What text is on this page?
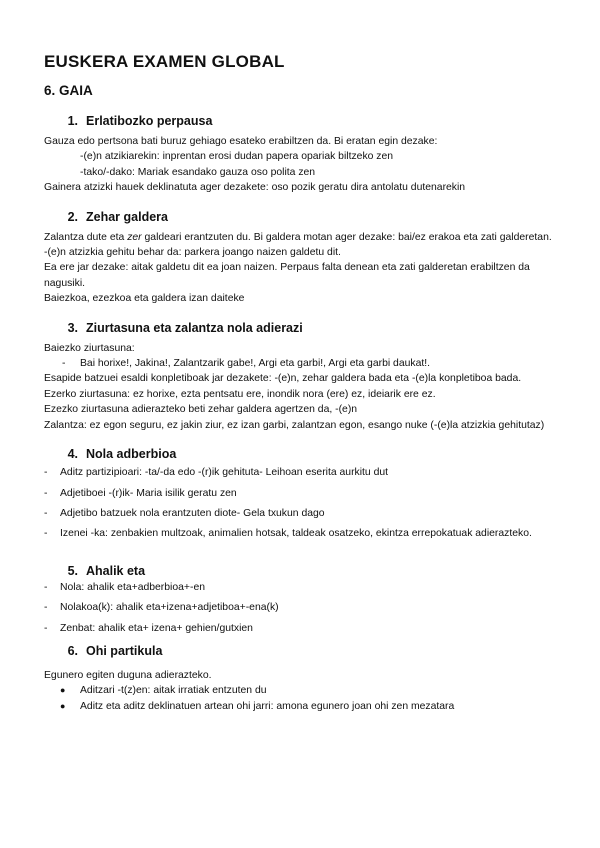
EUSKERA EXAMEN GLOBAL
6. GAIA
1. Erlatibozko perpausa

Gauza edo pertsona bati buruz gehiago esateko erabiltzen da. Bi eratan egin dezake:

-(e)n atzikiarekin: inprentan erosi dudan papera opariak biltzeko zen

-tako/-dako: Mariak esandako gauza oso polita zen

Gainera atzizki hauek deklinatuta ager dezakete: oso pozik geratu dira antolatu dutenarekin

2. Zehar galdera

Zalantza dute eta zer galdeari erantzuten du. Bi galdera motan ager dezake: bai/ez erakoa eta zati galderetan.

-(e)n atzizkia gehitu behar da: parkera joango naizen galdetu dit.

Ea ere jar dezake: aitak galdetu dit ea joan naizen. Perpaus falta denean eta zati galderetan erabiltzen da nagusiki.

Baiezkoa, ezezkoa eta galdera izan daiteke

3. Ziurtasuna eta zalantza nola adierazi

Baiezko ziurtasuna:

-	Bai horixe!, Jakina!, Zalantzarik gabe!, Argi eta garbi!, Argi eta garbi daukat!.

Esapide batzuei esaldi konpletiboak jar dezakete: -(e)n, zehar galdera bada eta -(e)la konpletiboa bada.

Ezerko ziurtasuna: ez horixe, ezta pentsatu ere, inondik nora (ere) ez, ideiarik ere ez.

Ezezko ziurtasuna adierazteko beti zehar galdera agertzen da, -(e)n

Zalantza: ez egon seguru, ez jakin ziur, ez izan garbi, zalantzan egon, esango nuke (-(e)la atzizkia gehitutaz)

4. Nola adberbioa
-	Aditz partizipioari: -ta/-da edo -(r)ik gehituta- Leihoan eserita aurkitu dut
-	Adjetiboei -(r)ik- Maria isilik geratu zen
-	Adjetibo batzuek nola erantzuten diote- Gela txukun dago
-	Izenei -ka: zenbakien multzoak, animalien hotsak, taldeak osatzeko, ekintza errepokatuak adierazteko.
5. Ahalik eta
-	Nola: ahalik eta+adberbioa+-en
-	Nolakoa(k): ahalik eta+izena+adjetiboa+-ena(k)
-	Zenbat: ahalik eta+ izena+ gehien/gutxien
6. Ohi partikula

Egunero egiten duguna adierazteko.

●	Aditzari -t(z)en: aitak irratiak entzuten du
●	Aditz eta aditz deklinatuen artean ohi jarri: amona egunero joan ohi zen mezatara
